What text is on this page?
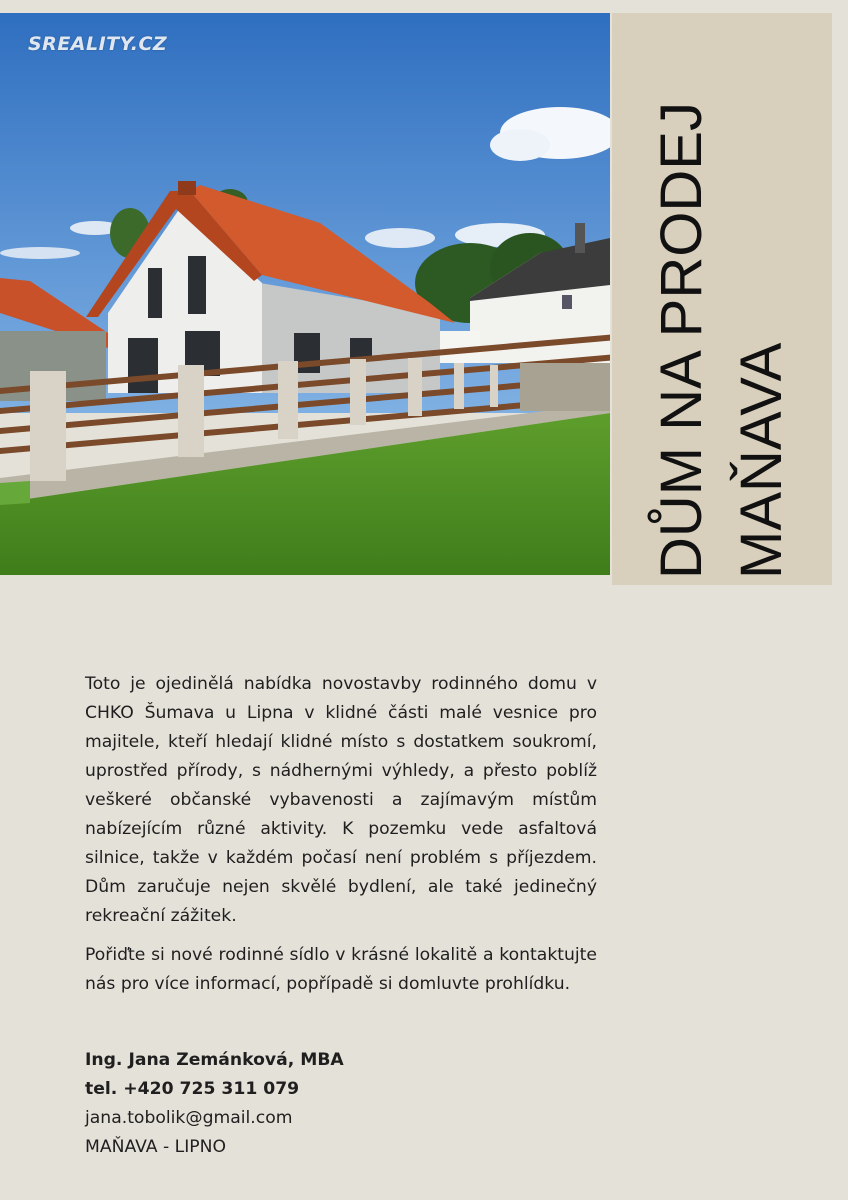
SREALITY.CZ
DŮM NA PRODEJ MAŇAVA

Toto je ojedinělá nabídka novostavby rodinného domu v CHKO Šumava u Lipna v klidné části malé vesnice pro majitele, kteří hledají klidné místo s dostatkem soukromí, uprostřed přírody, s nádhernými výhledy, a přesto poblíž veškeré občanské vybavenosti a zajímavým místům nabízejícím různé aktivity. K pozemku vede asfaltová silnice, takže v každém počasí není problém s příjezdem. Dům zaručuje nejen skvělé bydlení, ale také jedinečný rekreační zážitek.

Pořiďte si nové rodinné sídlo v krásné lokalitě a kontaktujte nás pro více informací, popřípadě si domluvte prohlídku.

Ing. Jana Zemánková, MBA
tel. +420 725 311 079
jana.tobolik@gmail.com
MAŇAVA - LIPNO
